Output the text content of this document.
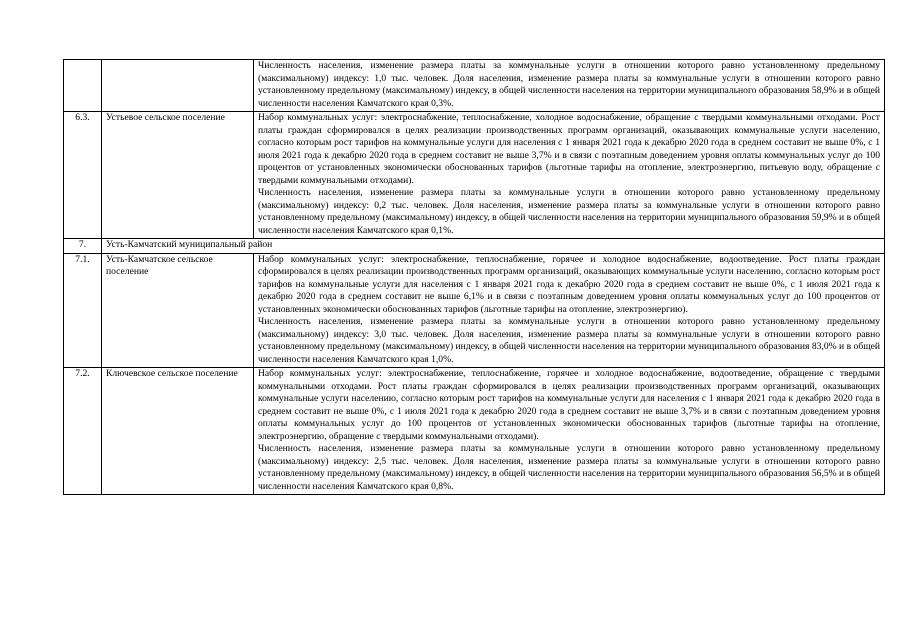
		Численность населения, изменение размера платы за коммунальные услуги в отношении которого равно установленному предельному (максимальному) индексу: 1,0 тыс. человек. Доля населения, изменение размера платы за коммунальные услуги в отношении которого равно установленному предельному (максимальному) индексу, в общей численности населения на территории муниципального образования 58,9% и в общей численности населения Камчатского края 0,3%.

6.3.	Устьевое сельское поселение	Набор коммунальных услуг: электроснабжение, теплоснабжение, холодное водоснабжение, обращение с твердыми коммунальными отходами. Рост платы граждан сформировался в целях реализации производственных программ организаций, оказывающих коммунальные услуги населению, согласно которым рост тарифов на коммунальные услуги для населения с 1 января 2021 года к декабрю 2020 года в среднем составит не выше 0%, с 1 июля 2021 года к декабрю 2020 года в среднем составит не выше 3,7% и в связи с поэтапным доведением уровня оплаты коммунальных услуг до 100 процентов от установленных экономически обоснованных тарифов (льготные тарифы на отопление, электроэнергию, питьевую воду, обращение с твердыми коммунальными отходами).

Численность населения, изменение размера платы за коммунальные услуги в отношении которого равно установленному предельному (максимальному) индексу: 0,2 тыс. человек. Доля населения, изменение размера платы за коммунальные услуги в отношении которого равно установленному предельному (максимальному) индексу, в общей численности населения на территории муниципального образования 59,9% и в общей численности населения Камчатского края 0,1%.

7.	Усть-Камчатский муниципальный район	
7.1.	Усть-Камчатское сельское поселение	Набор коммунальных услуг: электроснабжение, теплоснабжение, горячее и холодное водоснабжение, водоотведение. Рост платы граждан сформировался в целях реализации производственных программ организаций, оказывающих коммунальные услуги населению, согласно которым рост тарифов на коммунальные услуги для населения с 1 января 2021 года к декабрю 2020 года в среднем составит не выше 0%, с 1 июля 2021 года к декабрю 2020 года в среднем составит не выше 6,1% и в связи с поэтапным доведением уровня оплаты коммунальных услуг до 100 процентов от установленных экономически обоснованных тарифов (льготные тарифы на отопление, электроэнергию).

Численность населения, изменение размера платы за коммунальные услуги в отношении которого равно установленному предельному (максимальному) индексу: 3,0 тыс. человек. Доля населения, изменение размера платы за коммунальные услуги в отношении которого равно установленному предельному (максимальному) индексу, в общей численности населения на территории муниципального образования 83,0% и в общей численности населения Камчатского края 1,0%.

7.2.	Ключевское сельское поселение	Набор коммунальных услуг: электроснабжение, теплоснабжение, горячее и холодное водоснабжение, водоотведение, обращение с твердыми коммунальными отходами. Рост платы граждан сформировался в целях реализации производственных программ организаций, оказывающих коммунальные услуги населению, согласно которым рост тарифов на коммунальные услуги для населения с 1 января 2021 года к декабрю 2020 года в среднем составит не выше 0%, с 1 июля 2021 года к декабрю 2020 года в среднем составит не выше 3,7% и в связи с поэтапным доведением уровня оплаты коммунальных услуг до 100 процентов от установленных экономически обоснованных тарифов (льготные тарифы на отопление, электроэнергию, обращение с твердыми коммунальными отходами).

Численность населения, изменение размера платы за коммунальные услуги в отношении которого равно установленному предельному (максимальному) индексу: 2,5 тыс. человек. Доля населения, изменение размера платы за коммунальные услуги в отношении которого равно установленному предельному (максимальному) индексу, в общей численности населения на территории муниципального образования 56,5% и в общей численности населения Камчатского края 0,8%.
